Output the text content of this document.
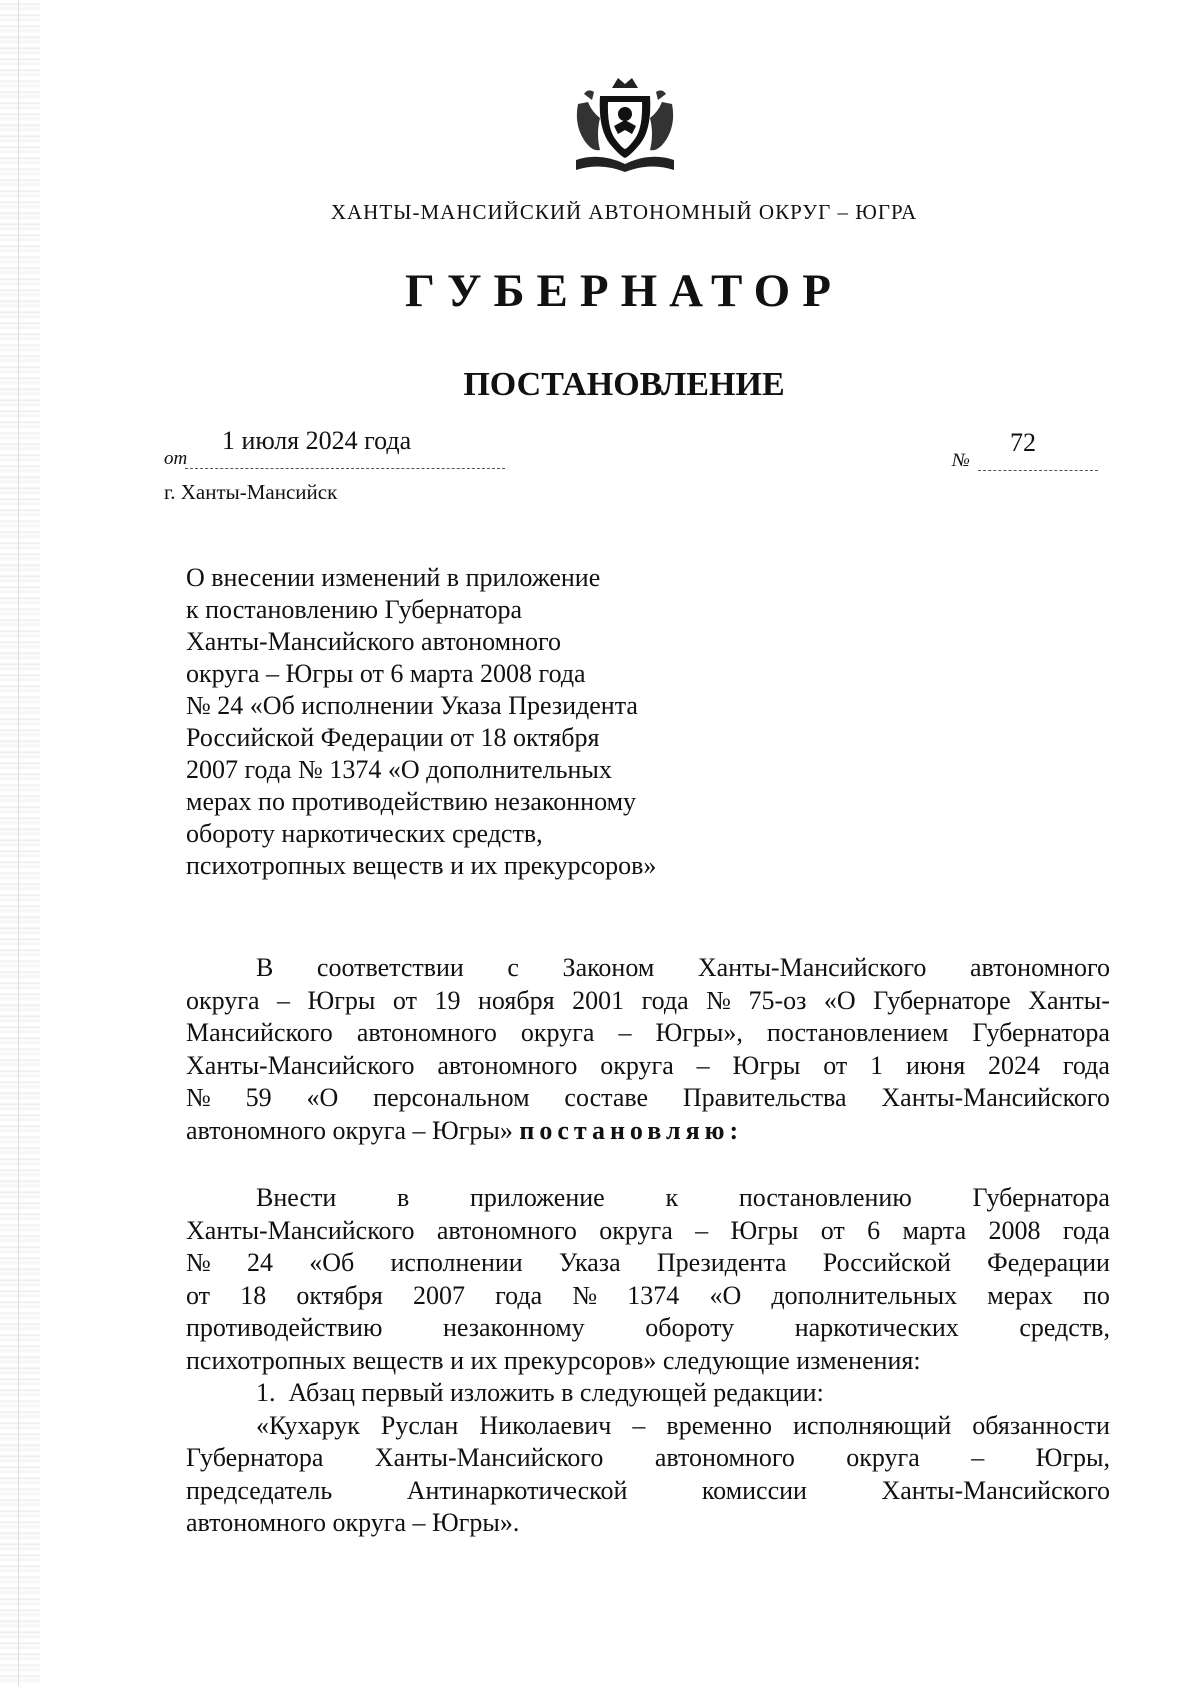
ХАНТЫ-МАНСИЙСКИЙ АВТОНОМНЫЙ ОКРУГ – ЮГРА
ГУБЕРНАТОР
ПОСТАНОВЛЕНИЕ
1 июля 2024 года
от
72
№
г. Ханты-Мансийск
О внесении изменений в приложение
к постановлению Губернатора
Ханты-Мансийского автономного
округа – Югры от 6 марта 2008 года
№ 24 «Об исполнении Указа Президента
Российской Федерации от 18 октября
2007 года № 1374 «О дополнительных
мерах по противодействию незаконному
обороту наркотических средств,
психотропных веществ и их прекурсоров»
В соответствии с Законом Ханты-Мансийского автономного
округа – Югры от 19 ноября 2001 года № 75-оз «О Губернаторе Ханты-
Мансийского автономного округа – Югры», постановлением Губернатора
Ханты-Мансийского автономного округа – Югры от 1 июня 2024 года
№ 59 «О персональном составе Правительства Ханты-Мансийского
автономного округа – Югры» постановляю :
Внести в приложение к постановлению Губернатора
Ханты-Мансийского автономного округа – Югры от 6 марта 2008 года
№ 24 «Об исполнении Указа Президента Российской Федерации
от 18 октября 2007 года № 1374 «О дополнительных мерах по
противодействию незаконному обороту наркотических средств,
психотропных веществ и их прекурсоров» следующие изменения:
1.  Абзац первый изложить в следующей редакции:
«Кухарук Руслан Николаевич – временно исполняющий обязанности
Губернатора Ханты-Мансийского автономного округа – Югры,
председатель	Антинаркотической	комиссии	Ханты-Мансийского
автономного округа – Югры».
